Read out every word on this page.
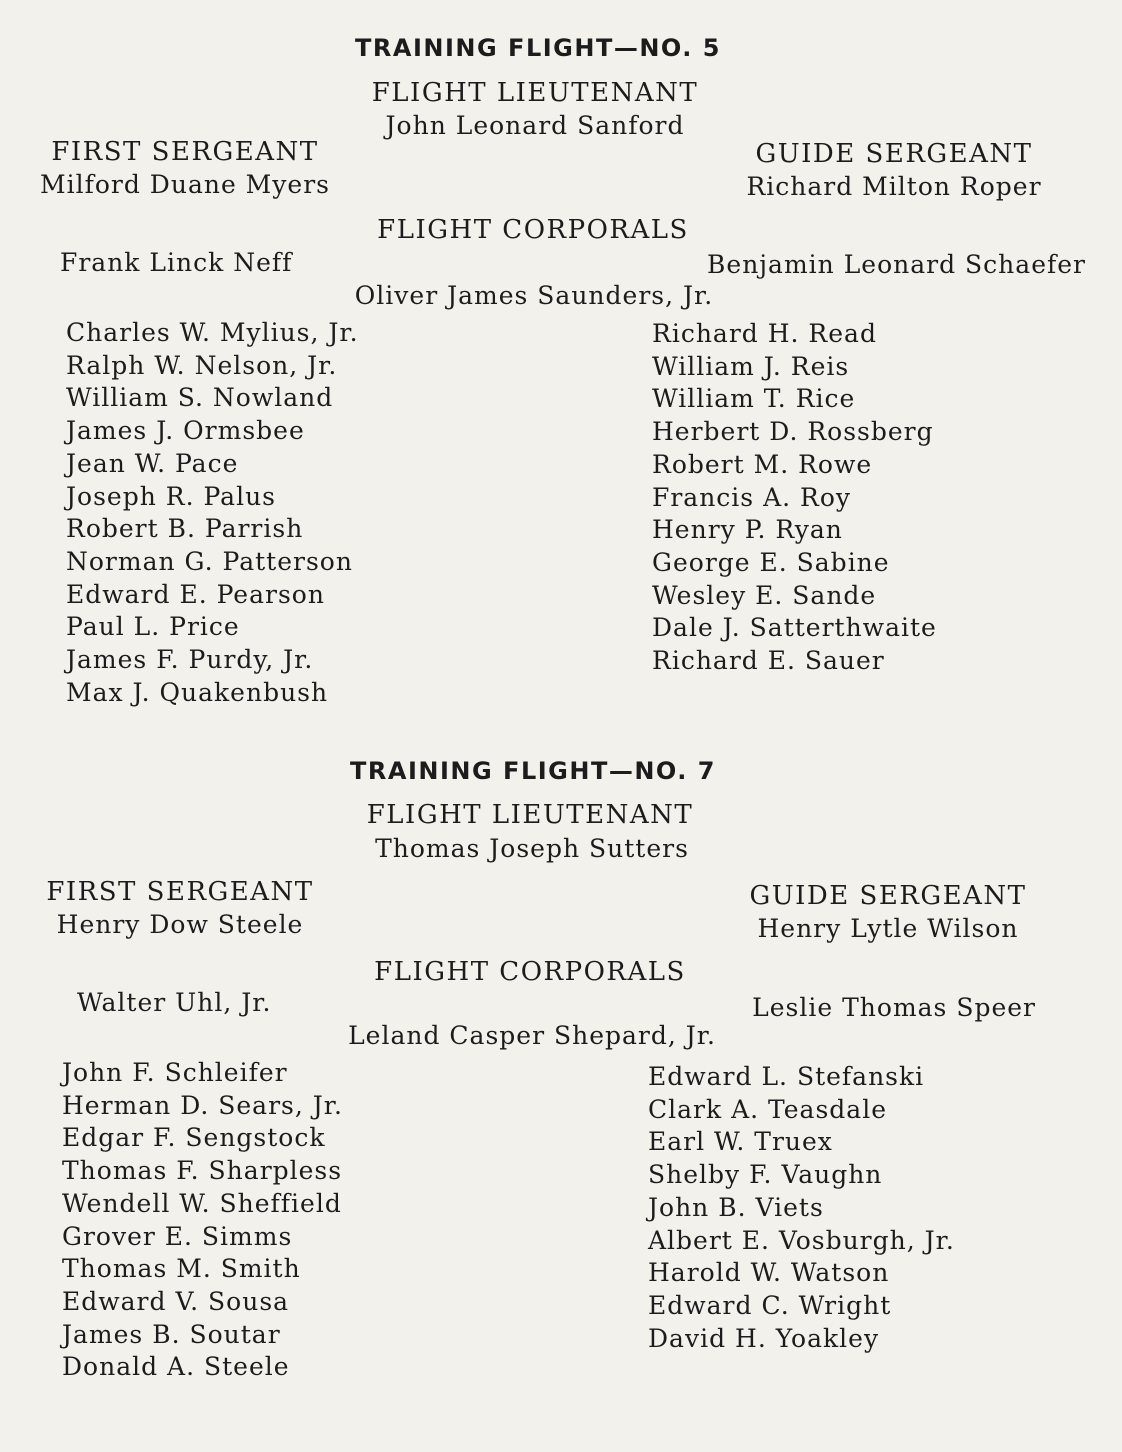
TRAINING FLIGHT—NO. 5
FLIGHT LIEUTENANT
John Leonard Sanford
FIRST SERGEANT
Milford Duane Myers
GUIDE SERGEANT
Richard Milton Roper
FLIGHT CORPORALS
Frank Linck Neff	Benjamin Leonard Schaefer
Oliver James Saunders, Jr.
Charles W. Mylius, Jr.
Ralph W. Nelson, Jr.
William S. Nowland
James J. Ormsbee
Jean W. Pace
Joseph R. Palus
Robert B. Parrish
Norman G. Patterson
Edward E. Pearson
Paul L. Price
James F. Purdy, Jr.
Max J. Quakenbush
Richard H. Read
William J. Reis
William T. Rice
Herbert D. Rossberg
Robert M. Rowe
Francis A. Roy
Henry P. Ryan
George E. Sabine
Wesley E. Sande
Dale J. Satterthwaite
Richard E. Sauer
TRAINING FLIGHT—NO. 7
FLIGHT LIEUTENANT
Thomas Joseph Sutters
FIRST SERGEANT
Henry Dow Steele
GUIDE SERGEANT
Henry Lytle Wilson
FLIGHT CORPORALS
Walter Uhl, Jr.	Leslie Thomas Speer
Leland Casper Shepard, Jr.
John F. Schleifer
Herman D. Sears, Jr.
Edgar F. Sengstock
Thomas F. Sharpless
Wendell W. Sheffield
Grover E. Simms
Thomas M. Smith
Edward V. Sousa
James B. Soutar
Donald A. Steele
Edward L. Stefanski
Clark A. Teasdale
Earl W. Truex
Shelby F. Vaughn
John B. Viets
Albert E. Vosburgh, Jr.
Harold W. Watson
Edward C. Wright
David H. Yoakley
